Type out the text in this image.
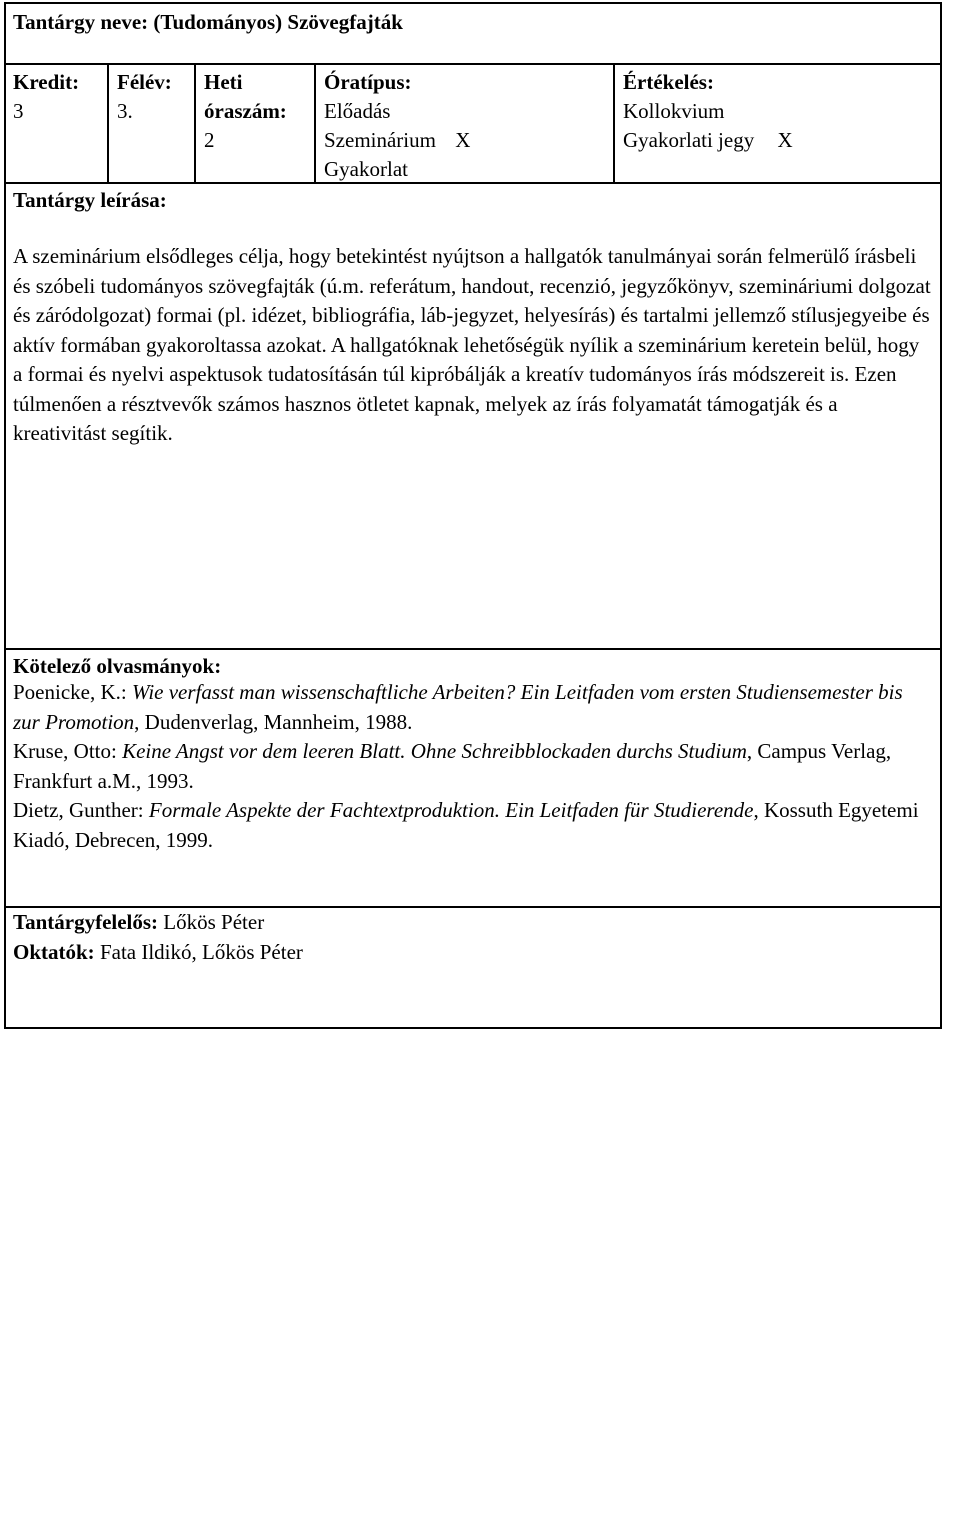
Tantárgy neve: (Tudományos) Szövegfajták
Kredit:
3
Félév:
3.
Heti
óraszám:
2
Óratípus:
Előadás
Szeminárium X
Gyakorlat
Értékelés:
Kollokvium
Gyakorlati jegy X
Tantárgy leírása:

A szeminárium elsődleges célja, hogy betekintést nyújtson a hallgatók tanulmányai során felmerülő írásbeli és szóbeli tudományos szövegfajták (ú.m. referátum, handout, recenzió, jegyzőkönyv, szemináriumi dolgozat és záródolgozat) formai (pl. idézet, bibliográfia, láb-jegyzet, helyesírás) és tartalmi jellemző stílusjegyeibe és aktív formában gyakoroltassa azokat. A hallgatóknak lehetőségük nyílik a szeminárium keretein belül, hogy a formai és nyelvi aspektusok tudatosításán túl kipróbálják a kreatív tudományos írás módszereit is. Ezen túlmenően a résztvevők számos hasznos ötletet kapnak, melyek az írás folyamatát támogatják és a kreativitást segítik.

Kötelező olvasmányok:
Poenicke, K.: Wie verfasst man wissenschaftliche Arbeiten? Ein Leitfaden vom ersten Studiensemester bis zur Promotion, Dudenverlag, Mannheim, 1988.
Kruse, Otto: Keine Angst vor dem leeren Blatt. Ohne Schreibblockaden durchs Studium, Campus Verlag, Frankfurt a.M., 1993.
Dietz, Gunther: Formale Aspekte der Fachtextproduktion. Ein Leitfaden für Studierende, Kossuth Egyetemi Kiadó, Debrecen, 1999.
Tantárgyfelelős: Lőkös Péter
Oktatók: Fata Ildikó, Lőkös Péter
